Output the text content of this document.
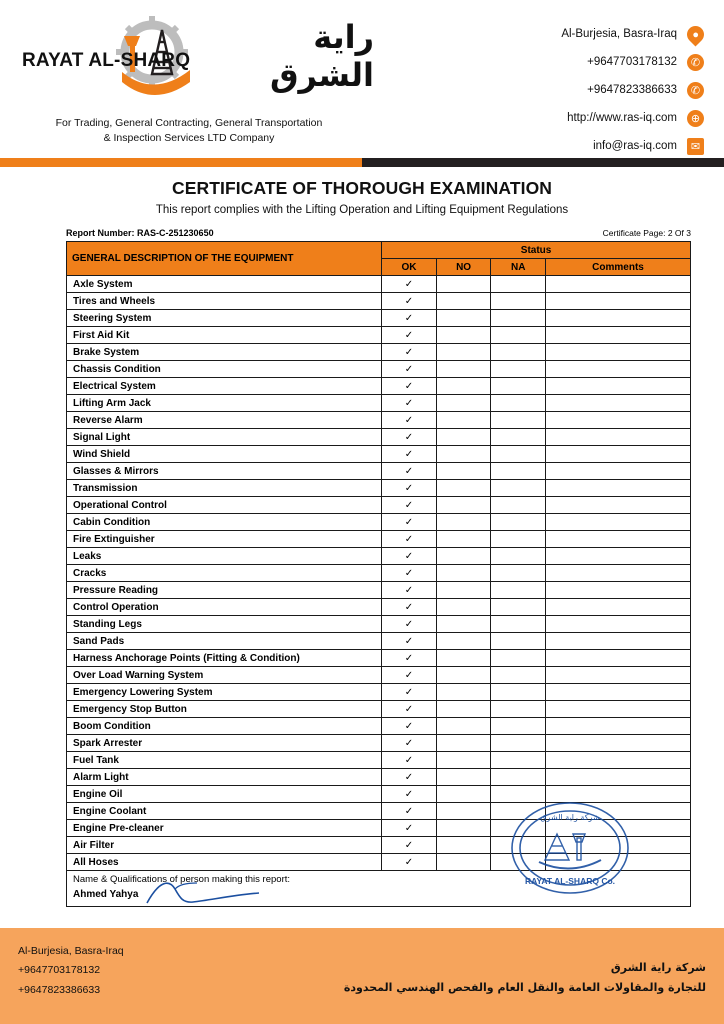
RAYAT AL-SHARQ
راية الشرق
For Trading, General Contracting, General Transportation
& Inspection Services LTD Company
Al-Burjesia, Basra-Iraq ●
+9647703178132	✆
+9647823386633	✆
http://www.ras-iq.com	⊕
info@ras-iq.com	✉
CERTIFICATE OF THOROUGH EXAMINATION
This report complies with the Lifting Operation and Lifting Equipment Regulations
Report Number: RAS-C-251230650	Certificate Page: 2 Of 3
GENERAL DESCRIPTION OF THE EQUIPMENT	Status			
	OK	NO	NA	Comments
Axle System	✓			
Tires and Wheels	✓			
Steering System	✓			
First Aid Kit	✓			
Brake System	✓			
Chassis Condition	✓			
Electrical System	✓			
Lifting Arm Jack	✓			
Reverse Alarm	✓			
Signal Light	✓			
Wind Shield	✓			
Glasses & Mirrors	✓			
Transmission	✓			
Operational Control	✓			
Cabin Condition	✓			
Fire Extinguisher	✓			
Leaks	✓			
Cracks	✓			
Pressure Reading	✓			
Control Operation	✓			
Standing Legs	✓			
Sand Pads	✓			
Harness Anchorage Points (Fitting & Condition)	✓			
Over Load Warning System	✓			
Emergency Lowering System	✓			
Emergency Stop Button	✓			
Boom Condition	✓			
Spark Arrester	✓			
Fuel Tank	✓			
Alarm Light	✓			
Engine Oil	✓			
Engine Coolant	✓			
Engine Pre-cleaner	✓			
Air Filter	✓			
All Hoses	✓			

Name & Qualifications of person making this report:
Ahmed Yahya				
شركة راية الشرق
RAYAT AL-SHARQ Co.
Al-Burjesia, Basra-Iraq
+9647703178132
+9647823386633
شركة راية الشرق
للتجارة والمقاولات العامة والنقل العام والفحص الهندسي المحدودة
